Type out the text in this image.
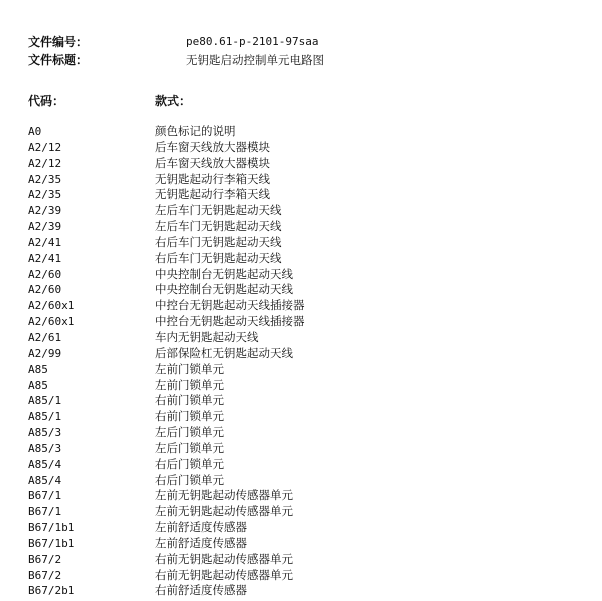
文件编号：	pe80.61-p-2101-97saa
文件标题：	无钥匙启动控制单元电路图
代码：	款式：
A0	颜色标记的说明
A2/12	后车窗天线放大器模块
A2/12	后车窗天线放大器模块
A2/35	无钥匙起动行李箱天线
A2/35	无钥匙起动行李箱天线
A2/39	左后车门无钥匙起动天线
A2/39	左后车门无钥匙起动天线
A2/41	右后车门无钥匙起动天线
A2/41	右后车门无钥匙起动天线
A2/60	中央控制台无钥匙起动天线
A2/60	中央控制台无钥匙起动天线
A2/60x1	中控台无钥匙起动天线插接器
A2/60x1	中控台无钥匙起动天线插接器
A2/61	车内无钥匙起动天线
A2/99	后部保险杠无钥匙起动天线
A85	左前门锁单元
A85	左前门锁单元
A85/1	右前门锁单元
A85/1	右前门锁单元
A85/3	左后门锁单元
A85/3	左后门锁单元
A85/4	右后门锁单元
A85/4	右后门锁单元
B67/1	左前无钥匙起动传感器单元
B67/1	左前无钥匙起动传感器单元
B67/1b1	左前舒适度传感器
B67/1b1	左前舒适度传感器
B67/2	右前无钥匙起动传感器单元
B67/2	右前无钥匙起动传感器单元
B67/2b1	右前舒适度传感器
